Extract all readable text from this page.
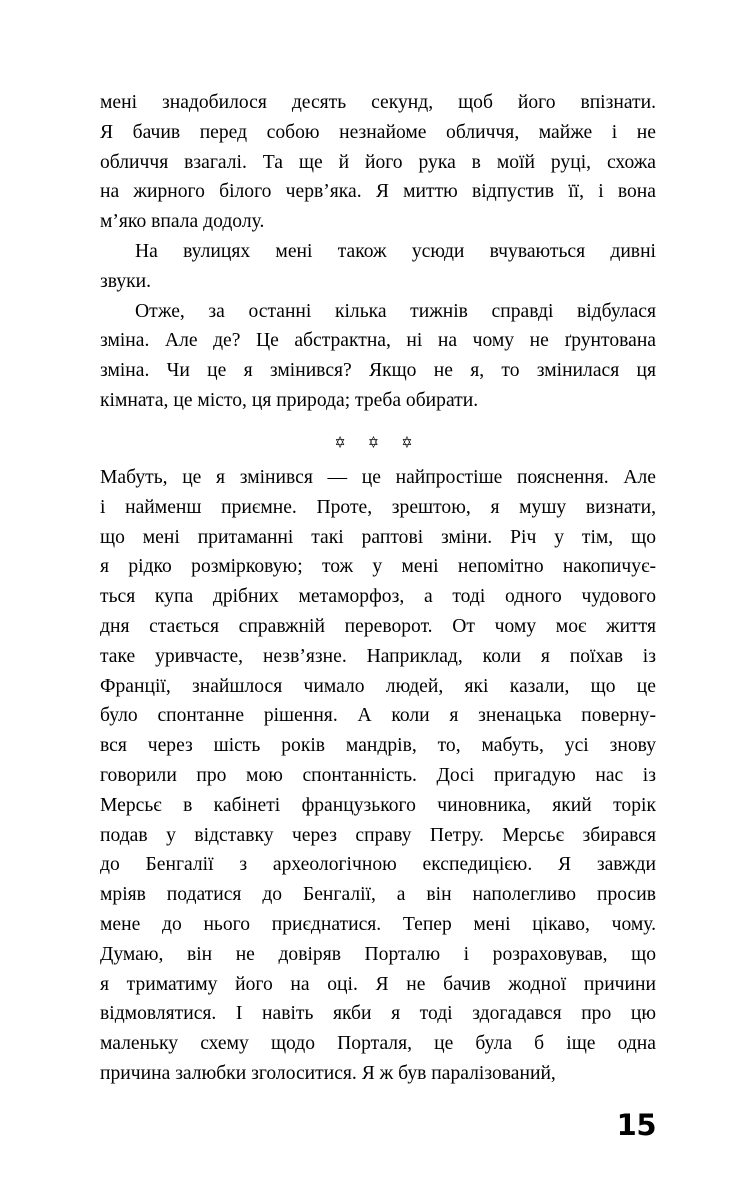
мені знадобилося десять секунд, щоб його впізнати.
Я бачив перед собою незнайоме обличчя, майже і не
обличчя взагалі. Та ще й його рука в моїй руці, схожа
на жирного білого черв’яка. Я миттю відпустив її, і вона
м’яко впала додолу.
На вулицях мені також усюди вчуваються дивні
звуки.
Отже, за останні кілька тижнів справді відбулася
зміна. Але де? Це абстрактна, ні на чому не ґрунтована
зміна. Чи це я змінився? Якщо не я, то змінилася ця
кімната, це місто, ця природа; треба обирати.
✡ ✡ ✡
Мабуть, це я змінився — це найпростіше пояснення. Але
і найменш приємне. Проте, зрештою, я мушу визнати,
що мені притаманні такі раптові зміни. Річ у тім, що
я рідко розмірковую; тож у мені непомітно накопичує-
ться купа дрібних метаморфоз, а тоді одного чудового
дня стається справжній переворот. От чому моє життя
таке уривчасте, незв’язне. Наприклад, коли я поїхав із
Франції, знайшлося чимало людей, які казали, що це
було спонтанне рішення. А коли я зненацька поверну-
вся через шість років мандрів, то, мабуть, усі знову
говорили про мою спонтанність. Досі пригадую нас із
Мерсьє в кабінеті французького чиновника, який торік
подав у відставку через справу Петру. Мерсьє збирався
до Бенгалії з археологічною експедицією. Я завжди
мріяв податися до Бенгалії, а він наполегливо просив
мене до нього приєднатися. Тепер мені цікаво, чому.
Думаю, він не довіряв Порталю і розраховував, що
я триматиму його на оці. Я не бачив жодної причини
відмовлятися. І навіть якби я тоді здогадався про цю
маленьку схему щодо Порталя, це була б іще одна
причина залюбки зголоситися. Я ж був паралізований,
15
